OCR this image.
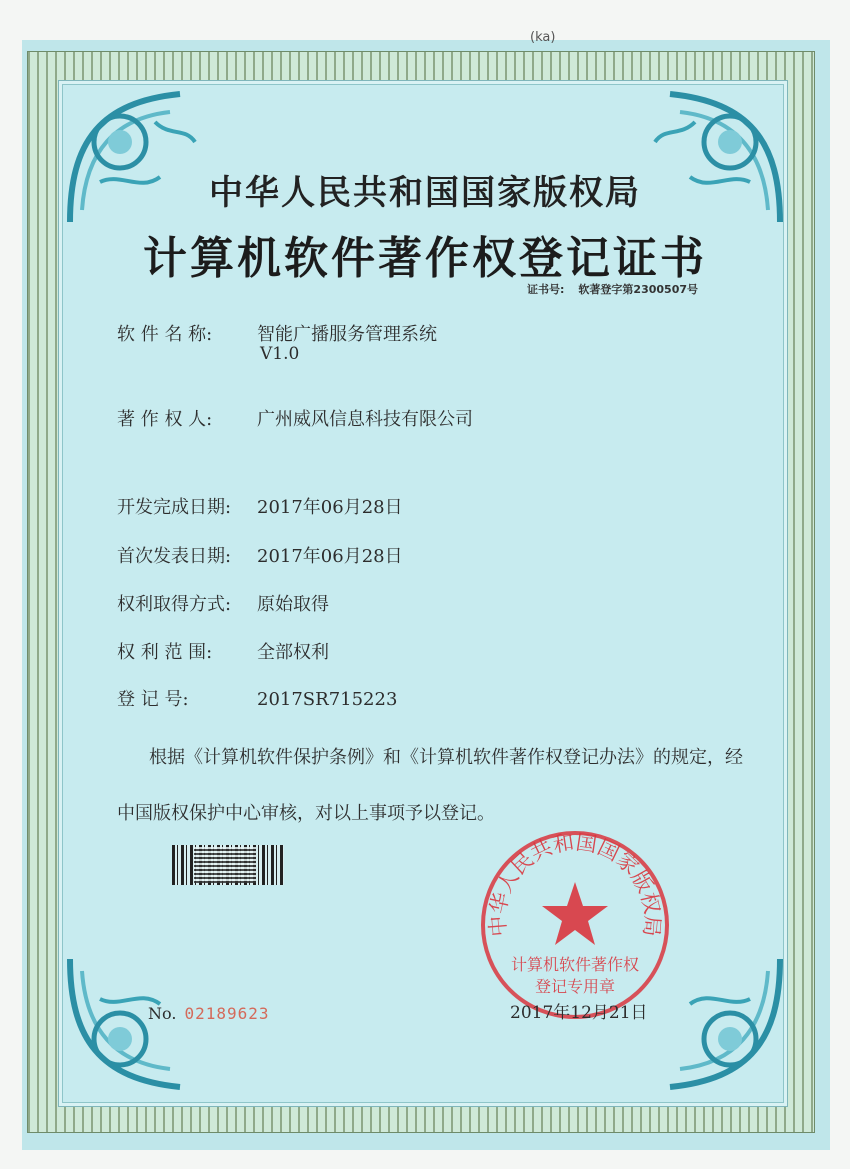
(ka)
中华人民共和国国家版权局
计算机软件著作权登记证书
证书号: 软著登字第2300507号
软 件 名 称: 智能广播服务管理系统
V1.0
著 作 权 人: 广州威风信息科技有限公司
开发完成日期: 2017年06月28日
首次发表日期: 2017年06月28日
权利取得方式: 原始取得
权 利 范 围: 全部权利
登 记 号:	2017SR715223
根据《计算机软件保护条例》和《计算机软件著作权登记办法》的规定，经中国版权保护中心审核，对以上事项予以登记。
中华人民共和国国家版权局
计算机软件著作权
登记专用章
No. 02189623	2017年12月21日
